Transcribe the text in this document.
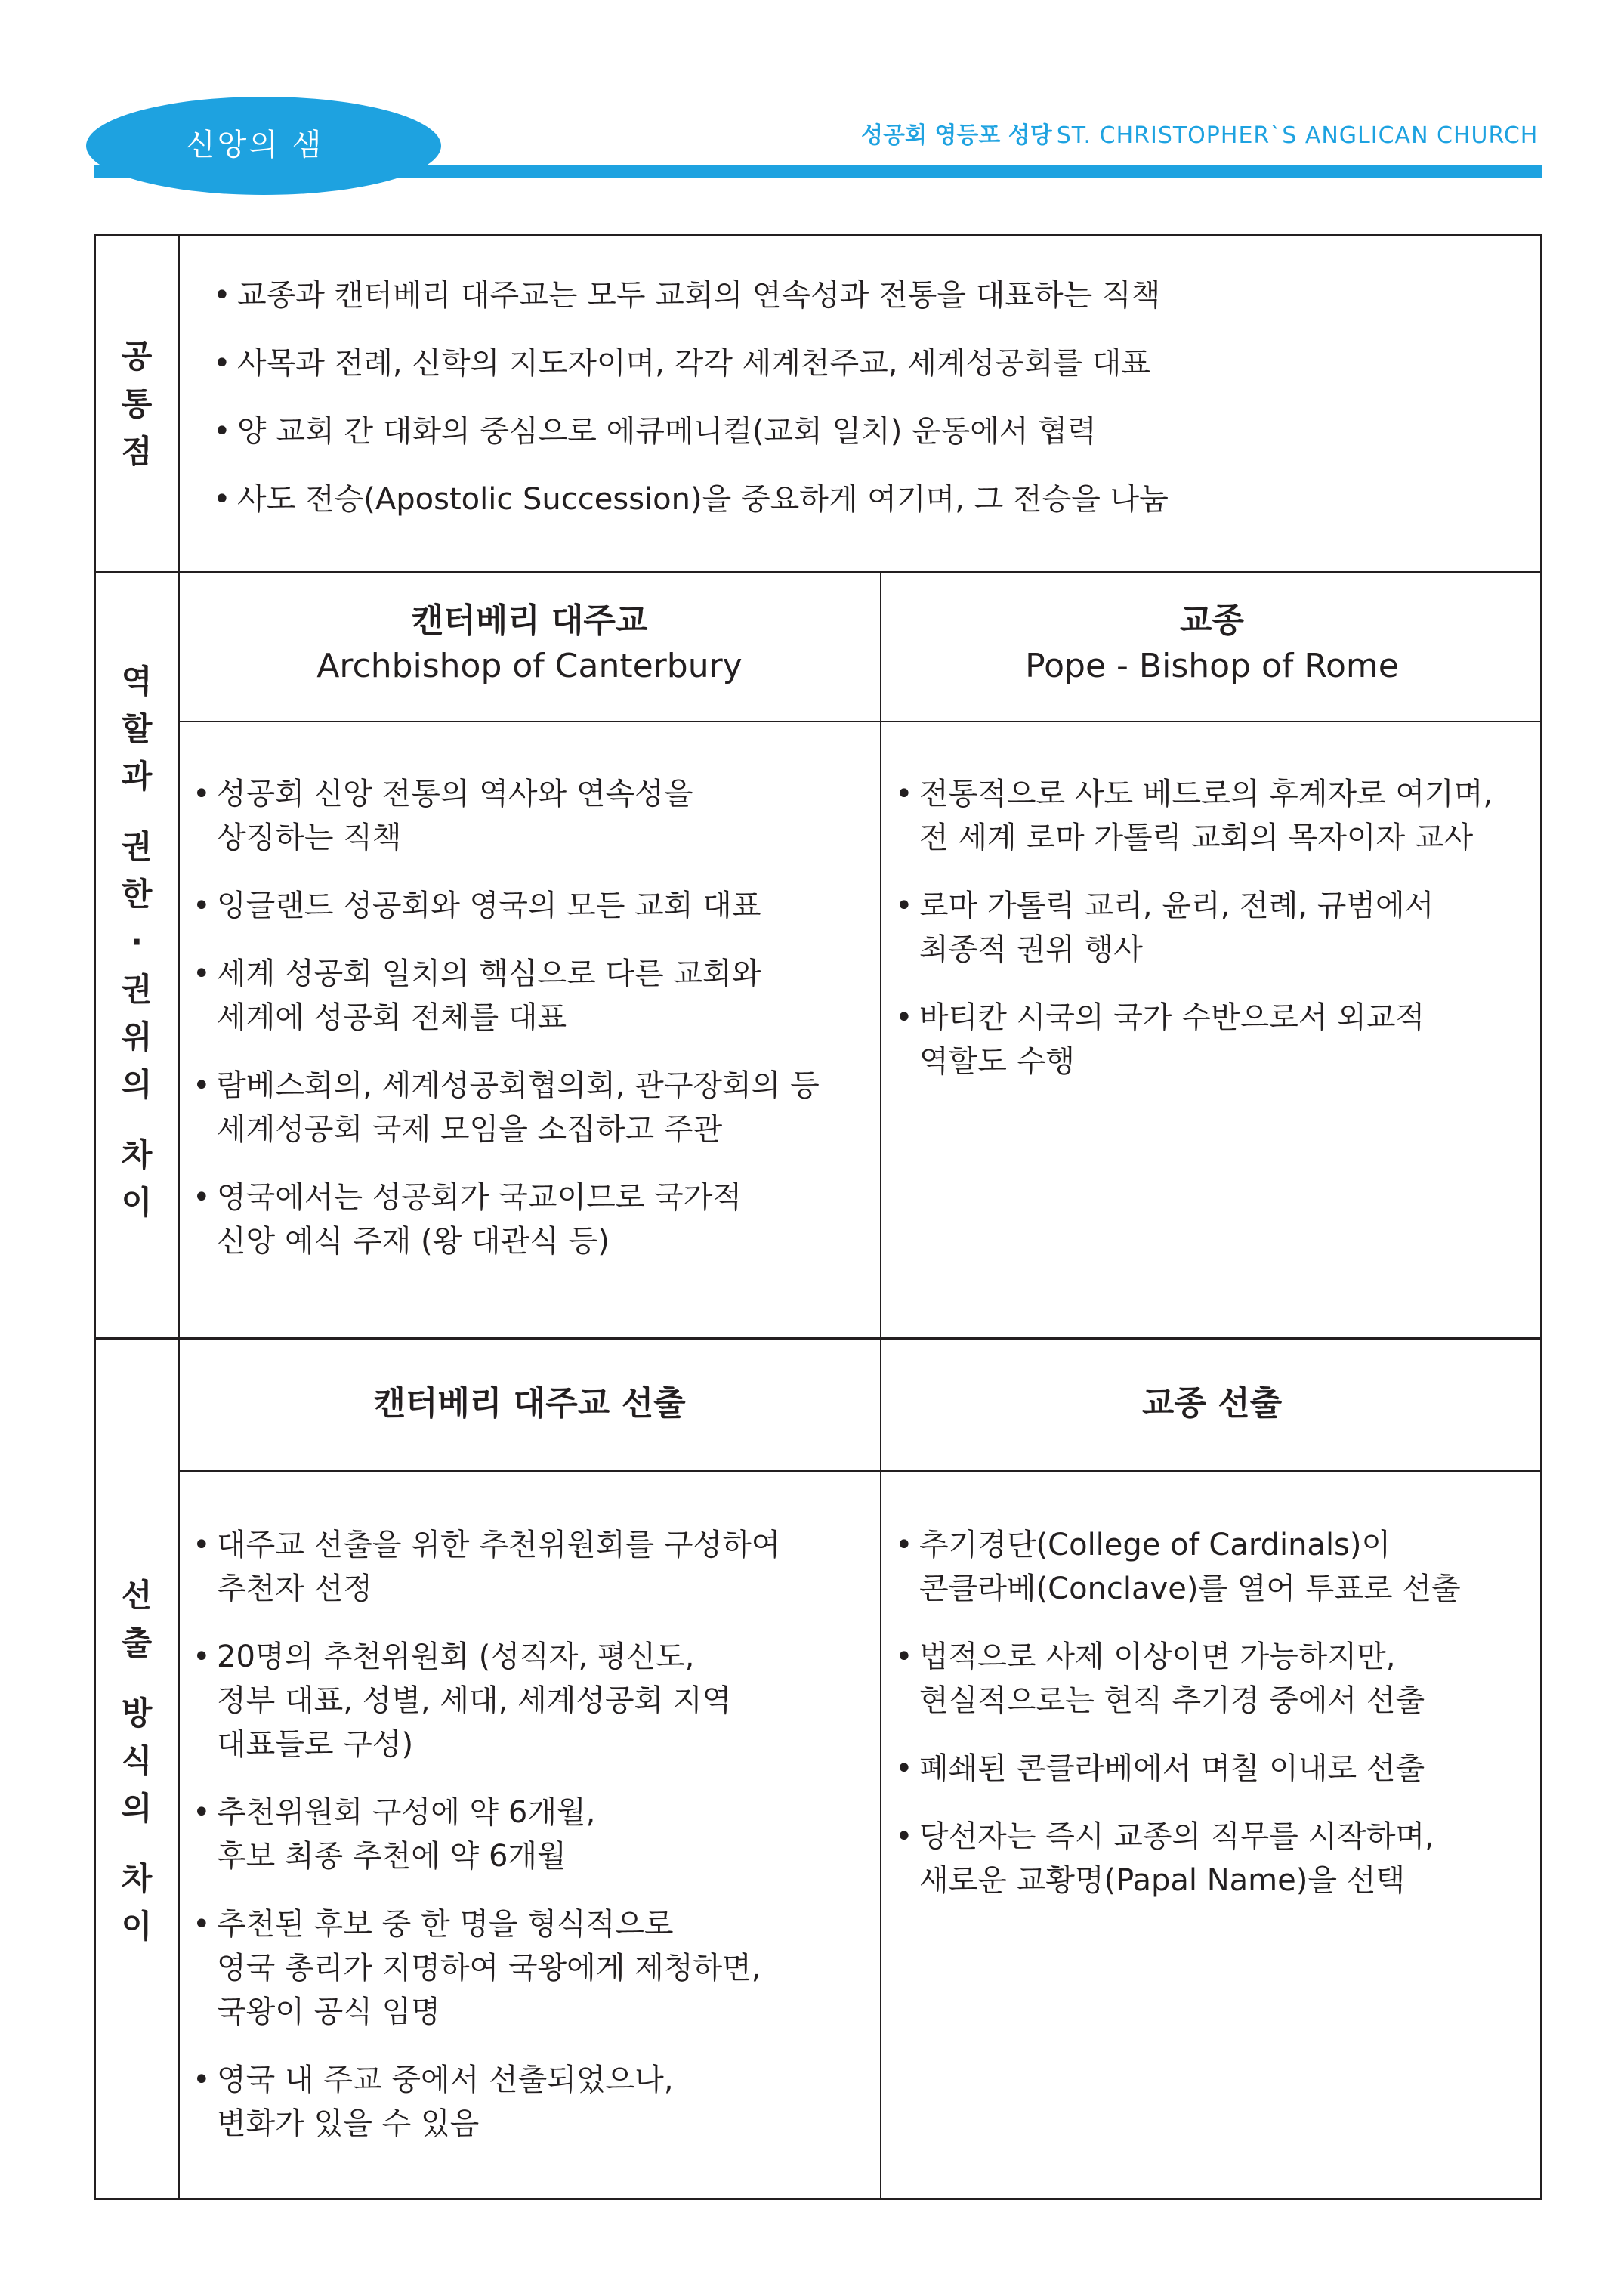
신앙의 샘	성공회 영등포 성당 ST. CHRISTOPHER`S ANGLICAN CHURCH
공
통
점
• 교종과 캔터베리 대주교는 모두 교회의 연속성과 전통을 대표하는 직책
• 사목과 전례, 신학의 지도자이며, 각각 세계천주교, 세계성공회를 대표
• 양 교회 간 대화의 중심으로 에큐메니컬(교회 일치) 운동에서 협력
• 사도 전승(Apostolic Succession)을 중요하게 여기며, 그 전승을 나눔
역
할
과
권
한
·
권
위
의
차
이
캔터베리 대주교
Archbishop of Canterbury
교종
Pope - Bishop of Rome
• 성공회 신앙 전통의 역사와 연속성을
상징하는 직책
• 잉글랜드 성공회와 영국의 모든 교회 대표
• 세계 성공회 일치의 핵심으로 다른 교회와
세계에 성공회 전체를 대표
• 람베스회의, 세계성공회협의회, 관구장회의 등
세계성공회 국제 모임을 소집하고 주관
• 영국에서는 성공회가 국교이므로 국가적
신앙 예식 주재 (왕 대관식 등)
• 전통적으로 사도 베드로의 후계자로 여기며,
전 세계 로마 가톨릭 교회의 목자이자 교사
• 로마 가톨릭 교리, 윤리, 전례, 규범에서
최종적 권위 행사
• 바티칸 시국의 국가 수반으로서 외교적
역할도 수행
선
출
방
식
의
차
이
캔터베리 대주교 선출	교종 선출
• 대주교 선출을 위한 추천위원회를 구성하여
추천자 선정
• 20명의 추천위원회 (성직자, 평신도,
정부 대표, 성별, 세대, 세계성공회 지역
대표들로 구성)
• 추천위원회 구성에 약 6개월,
후보 최종 추천에 약 6개월
• 추천된 후보 중 한 명을 형식적으로
영국 총리가 지명하여 국왕에게 제청하면,
국왕이 공식 임명
• 영국 내 주교 중에서 선출되었으나,
변화가 있을 수 있음
• 추기경단(College of Cardinals)이
콘클라베(Conclave)를 열어 투표로 선출
• 법적으로 사제 이상이면 가능하지만,
현실적으로는 현직 추기경 중에서 선출
• 폐쇄된 콘클라베에서 며칠 이내로 선출
• 당선자는 즉시 교종의 직무를 시작하며,
새로운 교황명(Papal Name)을 선택
